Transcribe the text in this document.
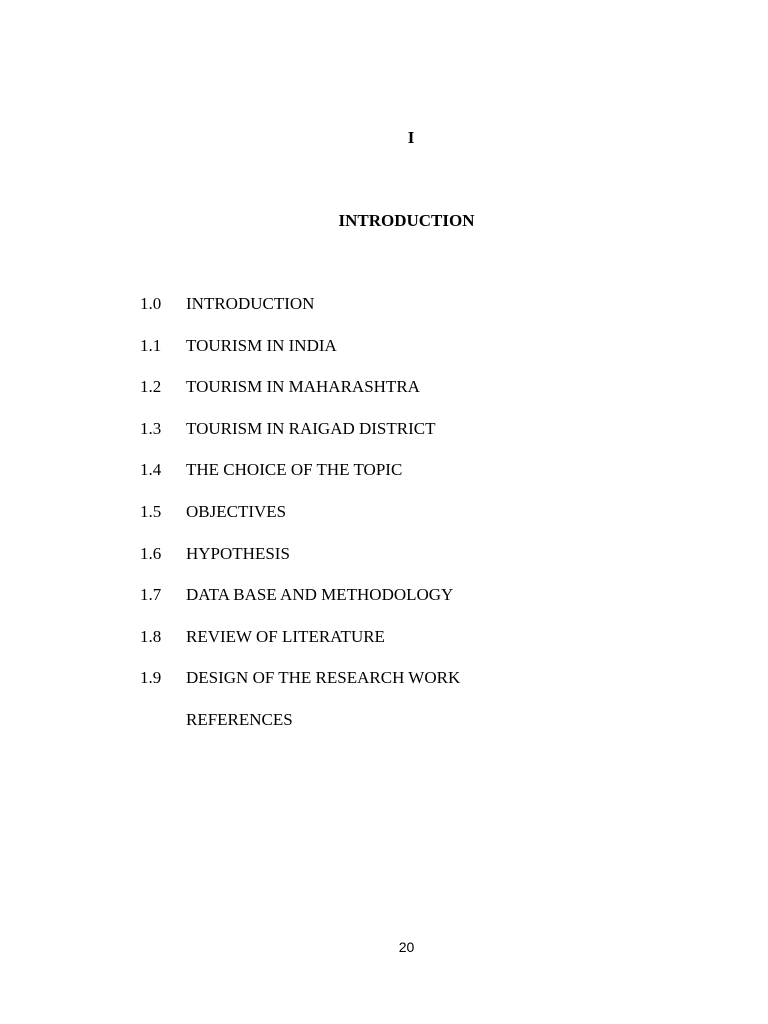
I
INTRODUCTION
1.0	INTRODUCTION
1.1	TOURISM IN INDIA
1.2	TOURISM IN MAHARASHTRA
1.3	TOURISM IN RAIGAD DISTRICT
1.4	THE CHOICE OF THE TOPIC
1.5	OBJECTIVES
1.6	HYPOTHESIS
1.7	DATA BASE AND METHODOLOGY
1.8	REVIEW OF LITERATURE
1.9	DESIGN OF THE RESEARCH WORK
REFERENCES
20
